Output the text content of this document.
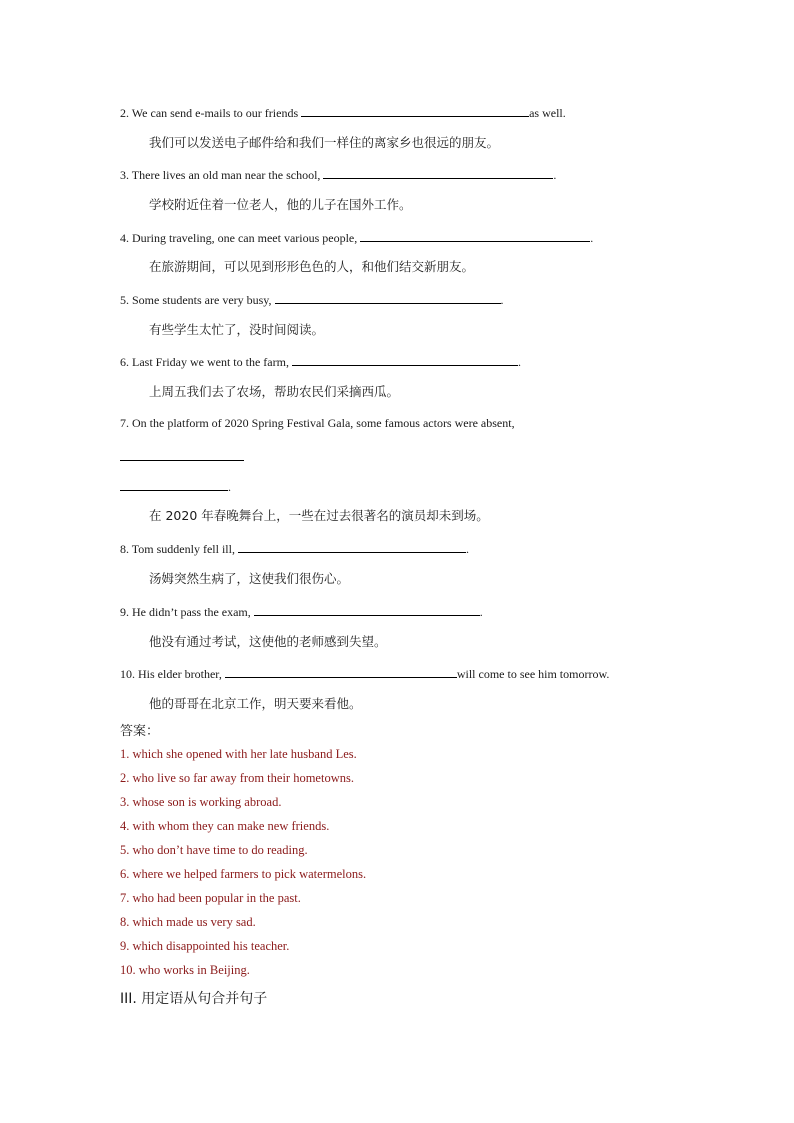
2. We can send e-mails to our friends	as well.
我们可以发送电子邮件给和我们一样住的离家乡也很远的朋友。
3. There lives an old man near the school,	.
学校附近住着一位老人，他的儿子在国外工作。
4. During traveling, one can meet various people,	.
在旅游期间，可以见到形形色色的人，和他们结交新朋友。
5. Some students are very busy,	.
有些学生太忙了，没时间阅读。
6. Last Friday we went to the farm,	.
上周五我们去了农场，帮助农民们采摘西瓜。
7. On the platform of 2020 Spring Festival Gala, some famous actors were absent,
.
在 2020 年春晚舞台上，一些在过去很著名的演员却未到场。
8. Tom suddenly fell ill,	.
汤姆突然生病了，这使我们很伤心。
9. He didn’t pass the exam,	.
他没有通过考试，这使他的老师感到失望。
10. His elder brother,	will come to see him tomorrow.
他的哥哥在北京工作，明天要来看他。
答案：
1. which she opened with her late husband Les.
2. who live so far away from their hometowns.
3. whose son is working abroad.
4. with whom they can make new friends.
5. who don’t have time to do reading.
6. where we helped farmers to pick watermelons.
7. who had been popular in the past.
8. which made us very sad.
9. which disappointed his teacher.
10. who works in Beijing.
III. 用定语从句合并句子
